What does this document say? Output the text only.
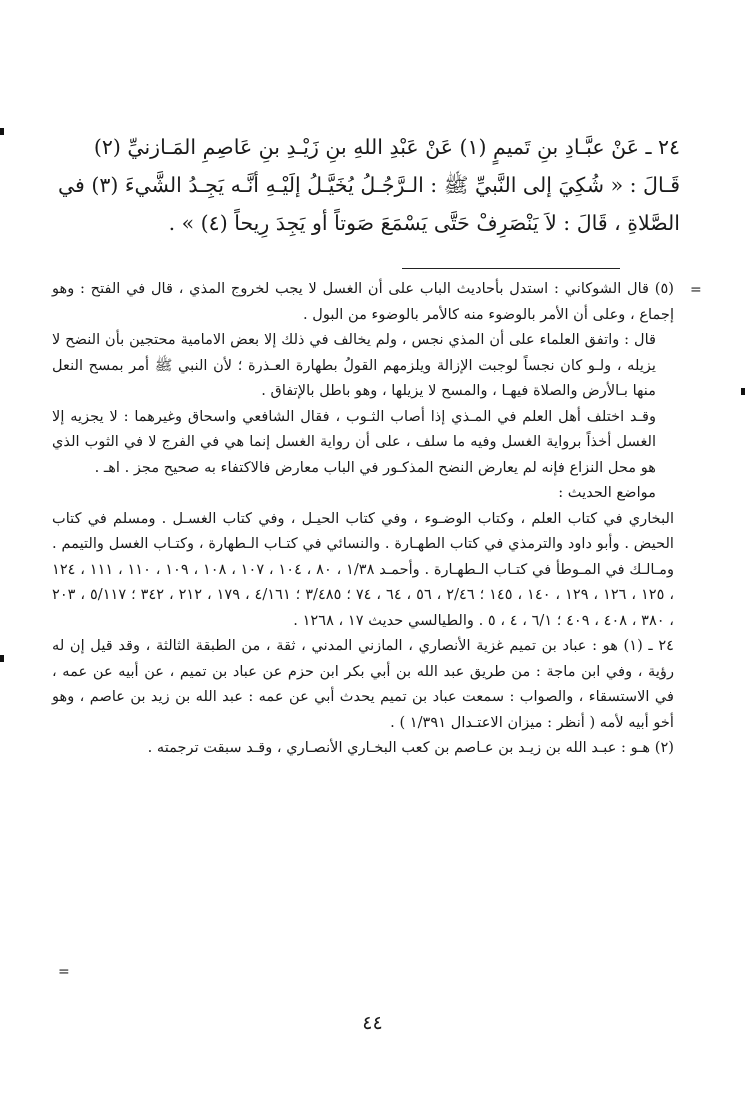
٢٤ ـ عَنْ عبَّـادِ بنِ تَميمٍ (١) عَنْ عَبْدِ اللهِ بنِ زَيْـدِ بنِ عَاصِمِ المَـازنيِّ (٢)
قَـالَ : « شُكِيَ إلى النَّبيِّ ﷺ : الـرَّجُـلُ يُخَيَّـلُ إلَيْـهِ أنَّـه يَجِـدُ الشَّيءَ (٣) في
الصَّلاةِ ، قَالَ : لاَ يَنْصَرِفْ حَتَّى يَسْمَعَ صَوتاً أو يَجِدَ رِيحاً (٤) » .
=
=

(٥) قال الشوكاني : استدل بأحاديث الباب على أن الغسل لا يجب لخروج المذي ، قال في الفتح : وهو إجماع ، وعلى أن الأمر بالوضوء منه كالأمر بالوضوء من البول .

قال : واتفق العلماء على أن المذي نجس ، ولم يخالف في ذلك إلا بعض الامامية محتجين بأن النضح لا يزيله ، ولـو كان نجساً لوجبت الإزالة ويلزمهم القولُ بطهارة العـذرة ؛ لأن النبي ﷺ أمر بمسح النعل منها بـالأرض والصلاة فيهـا ، والمسح لا يزيلها ، وهو باطل بالإتفاق .

وقـد اختلف أهل العلم في المـذي إذا أصاب الثـوب ، فقال الشافعي واسحاق وغيرهما : لا يجزيه إلا الغسل أخذاً برواية الغسل وفيه ما سلف ، على أن رواية الغسل إنما هي في الفرج لا في الثوب الذي هو محل النزاع فإنه لم يعارض النضح المذكـور في الباب معارض فالاكتفاء به صحيح مجز . اهـ .

مواضع الحديث :

البخاري في كتاب العلم ، وكتاب الوضـوء ، وفي كتاب الحيـل ، وفي كتاب الغسـل . ومسلم في كتاب الحيض . وأبو داود والترمذي في كتاب الطهـارة . والنسائي في كتـاب الـطهارة ، وكتـاب الغسل والتيمم . ومـالـك في المـوطأ في كتـاب الـطهـارة . وأحمـد ١/٣٨ ، ٨٠ ، ١٠٤ ، ١٠٧ ، ١٠٨ ، ١٠٩ ، ١١٠ ، ١١١ ، ١٢٤ ، ١٢٥ ، ١٢٦ ، ١٢٩ ، ١٤٠ ، ١٤٥ ؛ ٢/٤٦ ، ٥٦ ، ٦٤ ، ٧٤ ؛ ٣/٤٨٥ ؛ ٤/١٦١ ، ١٧٩ ، ٢١٢ ، ٣٤٢ ؛ ٥/١١٧ ، ٢٠٣ ، ٣٨٠ ، ٤٠٨ ، ٤٠٩ ؛ ٦/١ ، ٤ ، ٥ . والطيالسي حديث ١٧ ، ١٢٦٨ .

٢٤ ـ (١) هو : عباد بن تميم غزية الأنصاري ، المازني المدني ، ثقة ، من الطبقة الثالثة ، وقد قيل إن له رؤية ، وفي ابن ماجة : من طريق عبد الله بن أبي بكر ابن حزم عن عباد بن تميم ، عن أبيه عن عمه ، في الاستسقاء ، والصواب : سمعت عباد بن تميم يحدث أبي عن عمه : عبد الله بن زيد بن عاصم ، وهو أخو أبيه لأمه ( أنظر : ميزان الاعتـدال ١/٣٩١ ) .

(٢) هـو : عبـد الله بن زيـد بن عـاصم بن كعب البخـاري الأنصـاري ، وقـد سبقت ترجمته .

٤٤
